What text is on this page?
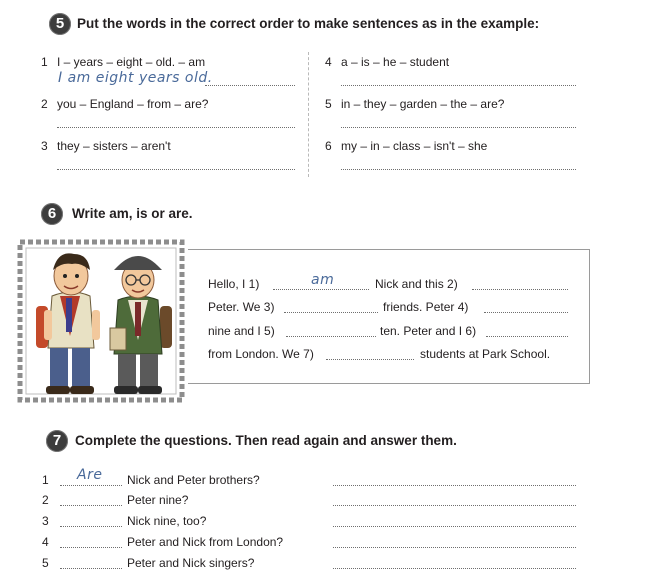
5 Put the words in the correct order to make sentences as in the example:
1 I – years – eight – old. – am
I am eight years old.
2 you – England – from – are?
3 they – sisters – aren't
4 a – is – he – student
5 in – they – garden – the – are?
6 my – in – class – isn't – she
6	Write am, is or are.
Hello, I 1)	am	Nick and this 2)
Peter. We 3)	friends. Peter 4)
nine and I 5)	ten. Peter and I 6)
from London. We 7)	students at Park School.
7	Complete the questions. Then read again and answer them.
1 Are Nick and Peter brothers?
2	Peter nine?
3	Nick nine, too?
4	Peter and Nick from London?
5	Peter and Nick singers?
